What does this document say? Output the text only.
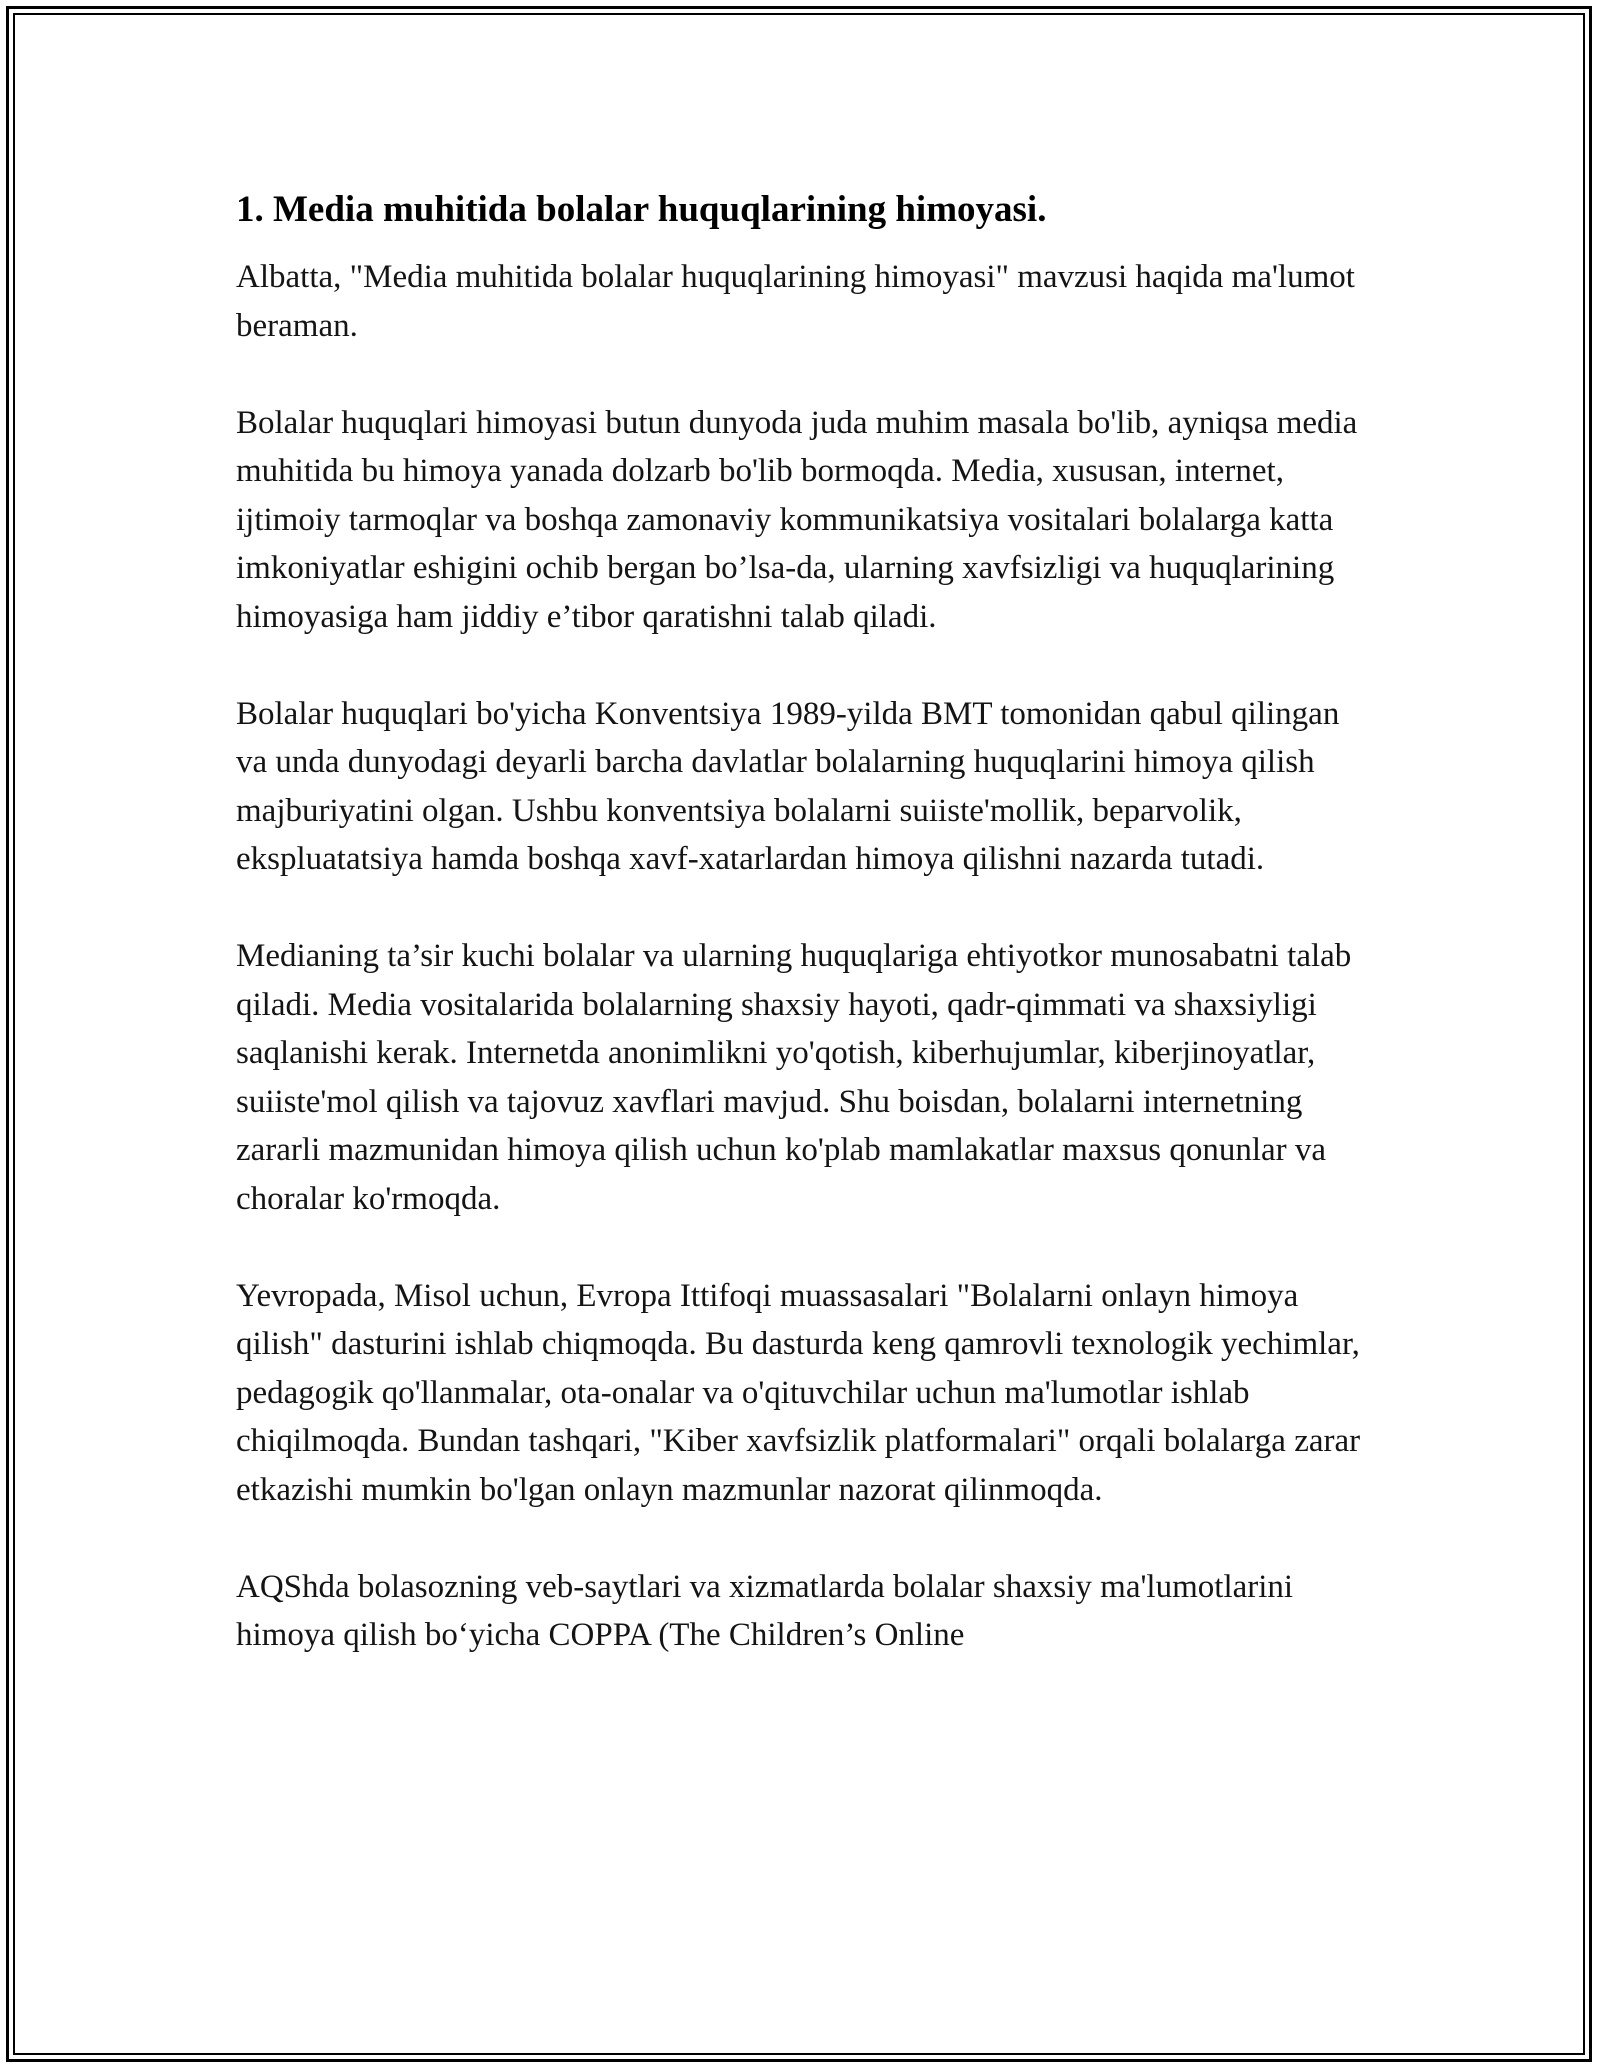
1. Media muhitida bolalar huquqlarining himoyasi.

Albatta, "Media muhitida bolalar huquqlarining himoyasi" mavzusi haqida ma'lumot beraman.

Bolalar huquqlari himoyasi butun dunyoda juda muhim masala bo'lib, ayniqsa media muhitida bu himoya yanada dolzarb bo'lib bormoqda. Media, xususan, internet, ijtimoiy tarmoqlar va boshqa zamonaviy kommunikatsiya vositalari bolalarga katta imkoniyatlar eshigini ochib bergan bo’lsa-da, ularning xavfsizligi va huquqlarining himoyasiga ham jiddiy e’tibor qaratishni talab qiladi.

Bolalar huquqlari bo'yicha Konventsiya 1989-yilda BMT tomonidan qabul qilingan va unda dunyodagi deyarli barcha davlatlar bolalarning huquqlarini himoya qilish majburiyatini olgan. Ushbu konventsiya bolalarni suiiste'mollik, beparvolik, ekspluatatsiya hamda boshqa xavf-xatarlardan himoya qilishni nazarda tutadi.

Medianing ta’sir kuchi bolalar va ularning huquqlariga ehtiyotkor munosabatni talab qiladi. Media vositalarida bolalarning shaxsiy hayoti, qadr-qimmati va shaxsiyligi saqlanishi kerak. Internetda anonimlikni yo'qotish, kiberhujumlar, kiberjinoyatlar, suiiste'mol qilish va tajovuz xavflari mavjud. Shu boisdan, bolalarni internetning zararli mazmunidan himoya qilish uchun ko'plab mamlakatlar maxsus qonunlar va choralar ko'rmoqda.

Yevropada, Misol uchun, Evropa Ittifoqi muassasalari "Bolalarni onlayn himoya qilish" dasturini ishlab chiqmoqda. Bu dasturda keng qamrovli texnologik yechimlar, pedagogik qo'llanmalar, ota-onalar va o'qituvchilar uchun ma'lumotlar ishlab chiqilmoqda. Bundan tashqari, "Kiber xavfsizlik platformalari" orqali bolalarga zarar etkazishi mumkin bo'lgan onlayn mazmunlar nazorat qilinmoqda.

AQShda bolasozning veb-saytlari va xizmatlarda bolalar shaxsiy ma'lumotlarini himoya qilish bo‘yicha COPPA (The Children’s Online
